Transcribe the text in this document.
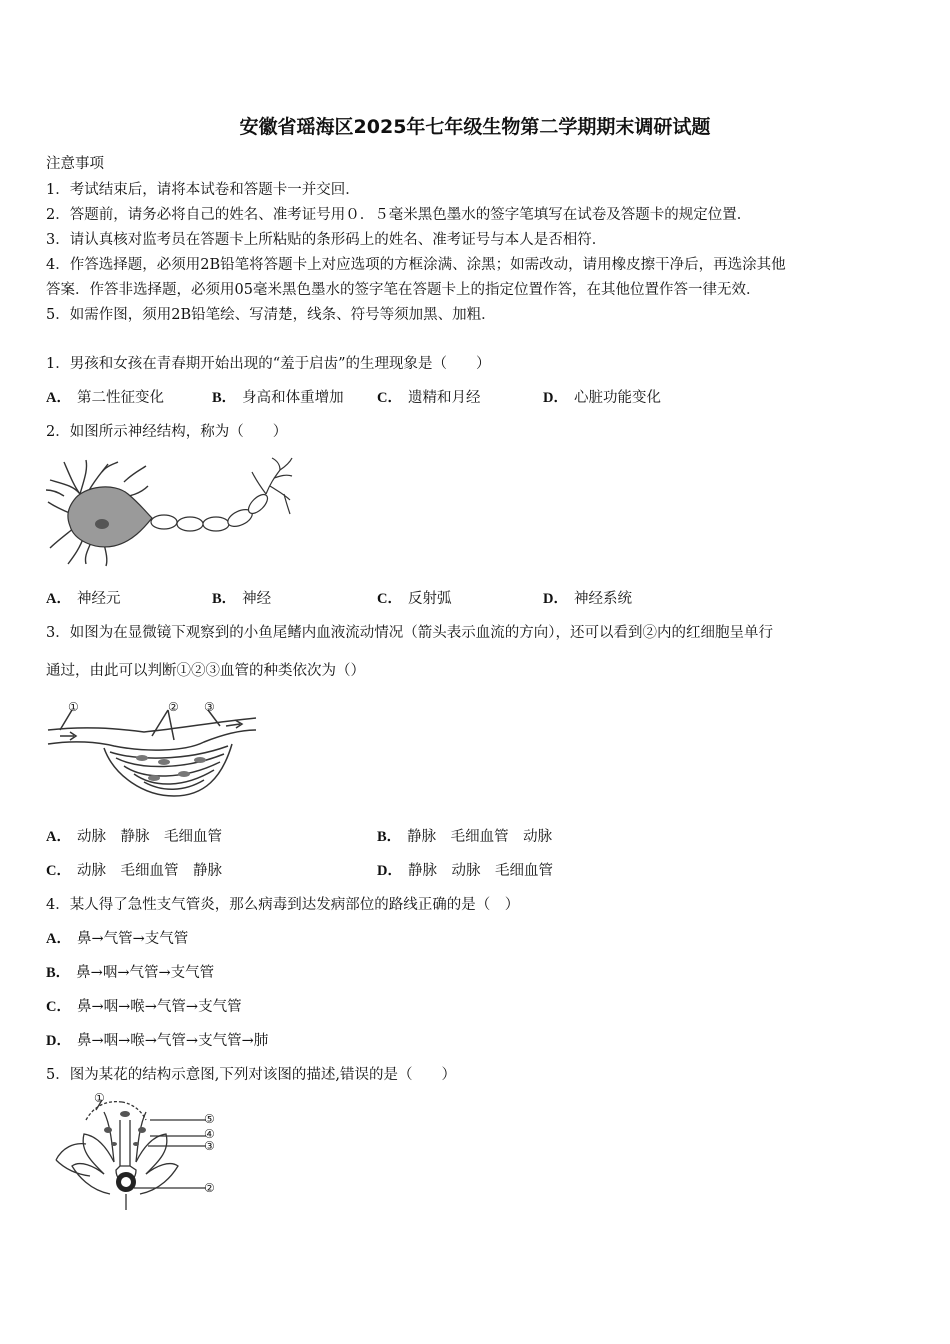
安徽省瑶海区2025年七年级生物第二学期期末调研试题
注意事项
1．考试结束后，请将本试卷和答题卡一并交回．
2．答题前，请务必将自己的姓名、准考证号用０．５毫米黑色墨水的签字笔填写在试卷及答题卡的规定位置．
3．请认真核对监考员在答题卡上所粘贴的条形码上的姓名、准考证号与本人是否相符．
4．作答选择题，必须用2B铅笔将答题卡上对应选项的方框涂满、涂黑；如需改动，请用橡皮擦干净后，再选涂其他
答案．作答非选择题，必须用05毫米黑色墨水的签字笔在答题卡上的指定位置作答，在其他位置作答一律无效．
5．如需作图，须用2B铅笔绘、写清楚，线条、符号等须加黑、加粗．
1．男孩和女孩在青春期开始出现的“羞于启齿”的生理现象是（　　）
A． 第二性征变化	B． 身高和体重增加 C． 遗精和月经	D． 心脏功能变化
2．如图所示神经结构，称为（　　）
A． 神经元	B． 神经	C． 反射弧	D． 神经系统
3．如图为在显微镜下观察到的小鱼尾鳍内血液流动情况（箭头表示血流的方向），还可以看到②内的红细胞呈单行
通过，由此可以判断①②③血管的种类依次为（）
①	② ③
A． 动脉　静脉　毛细血管	B． 静脉　毛细血管　动脉
C． 动脉　毛细血管　静脉	D． 静脉　动脉　毛细血管
4．某人得了急性支气管炎，那么病毒到达发病部位的路线正确的是（　）
A． 鼻→气管→支气管
B． 鼻→咽→气管→支气管
C． 鼻→咽→喉→气管→支气管
D． 鼻→咽→喉→气管→支气管→肺
5．图为某花的结构示意图,下列对该图的描述,错误的是（　　）
①
②
③
④
⑤
